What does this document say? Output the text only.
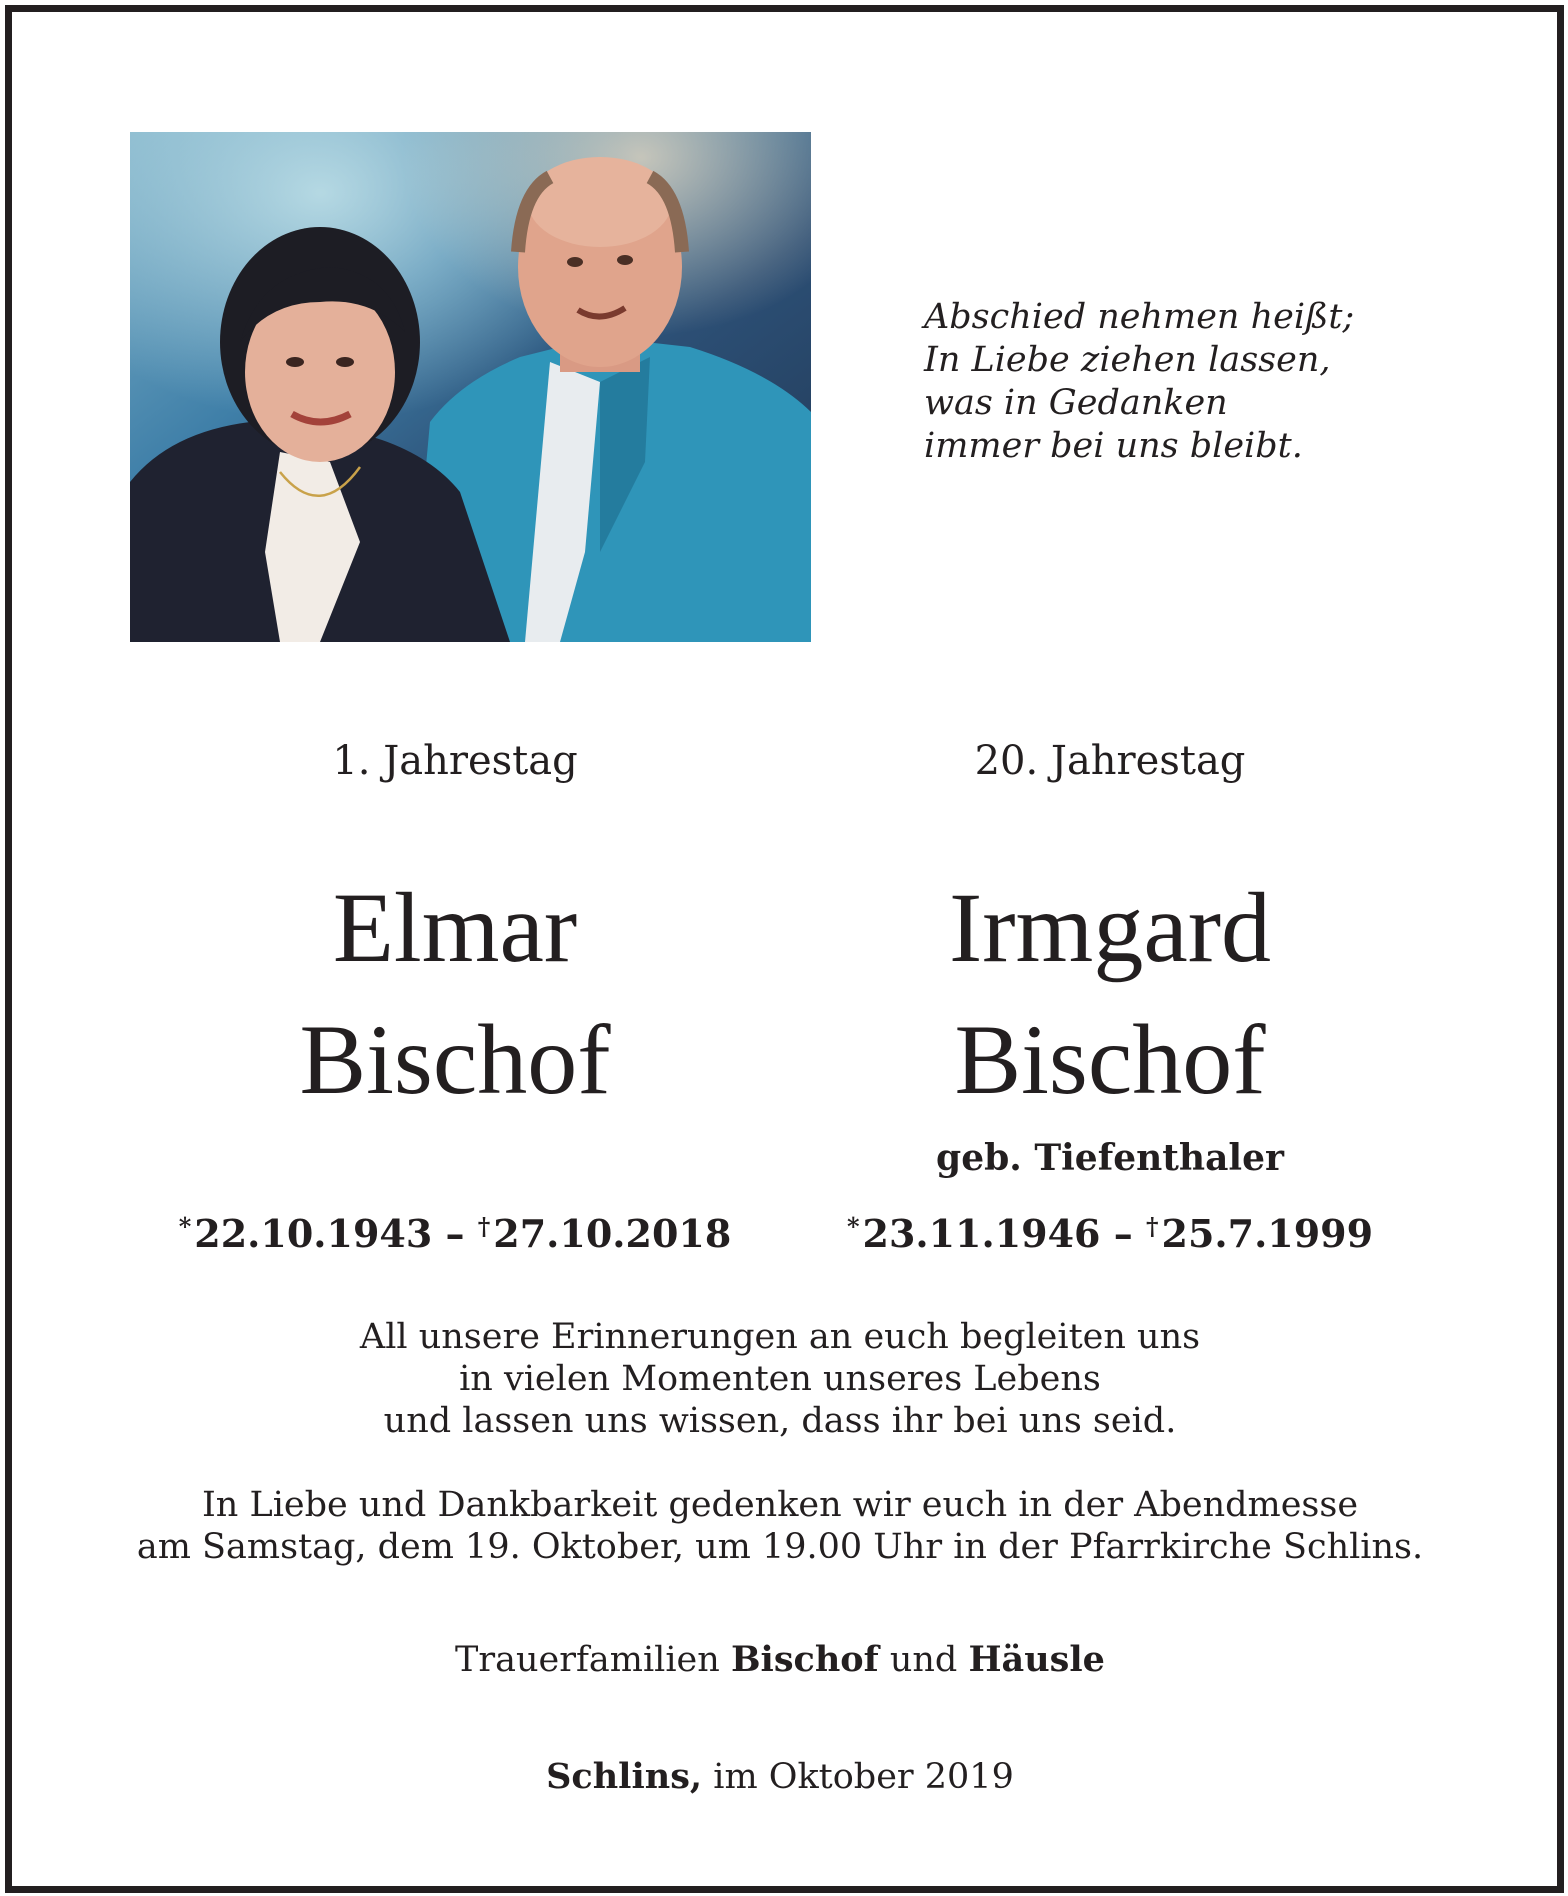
Abschied nehmen heißt;
In Liebe ziehen lassen,
was in Gedanken
immer bei uns bleibt.
1. Jahrestag	20. Jahrestag
Elmar
Bischof
Irmgard
Bischof
geb. Tiefenthaler
*22.10.1943 – †27.10.2018	*23.11.1946 – †25.7.1999
All unsere Erinnerungen an euch begleiten uns
in vielen Momenten unseres Lebens
und lassen uns wissen, dass ihr bei uns seid.
In Liebe und Dankbarkeit gedenken wir euch in der Abendmesse
am Samstag, dem 19. Oktober, um 19.00 Uhr in der Pfarrkirche Schlins.
Trauerfamilien Bischof und Häusle
Schlins, im Oktober 2019
